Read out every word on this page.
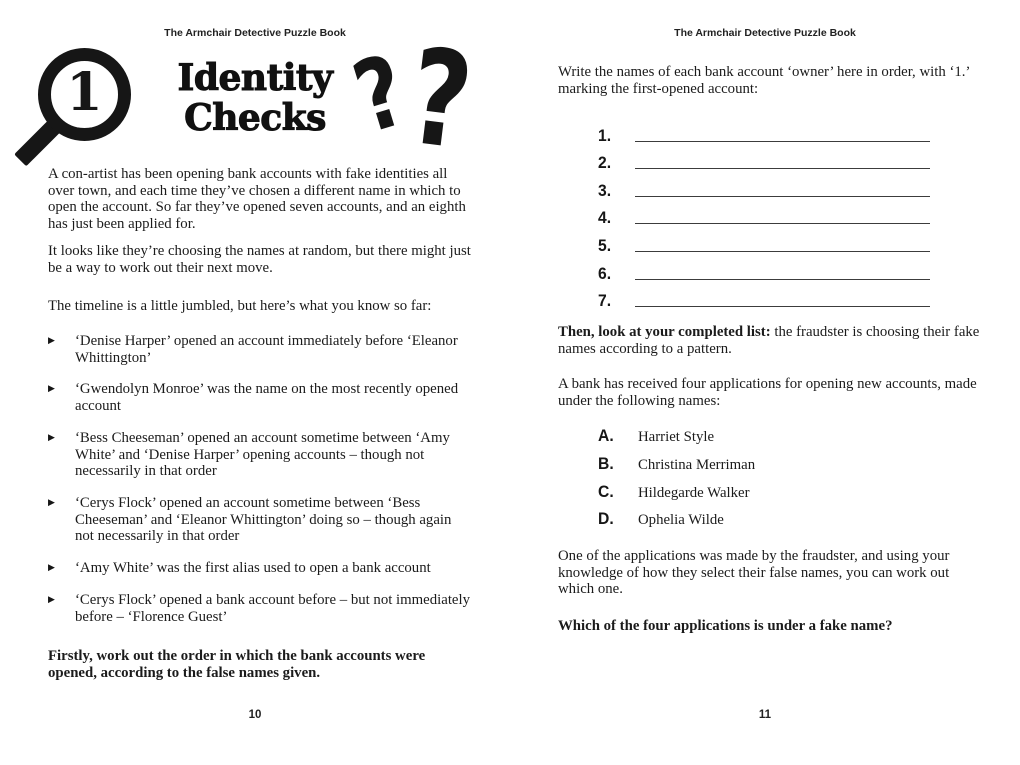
The Armchair Detective Puzzle Book
1	Identity
Checks ?
?
A con-artist has been opening bank accounts with fake identities all over town, and each time they’ve chosen a different name in which to open the account. So far they’ve opened seven accounts, and an eighth has just been applied for.
It looks like they’re choosing the names at random, but there might just be a way to work out their next move.
The timeline is a little jumbled, but here’s what you know so far:
▶	‘Denise Harper’ opened an account immediately before ‘Eleanor Whittington’
▶	‘Gwendolyn Monroe’ was the name on the most recently opened account
▶	‘Bess Cheeseman’ opened an account sometime between ‘Amy White’ and ‘Denise Harper’ opening accounts – though not necessarily in that order
▶	‘Cerys Flock’ opened an account sometime between ‘Bess Cheeseman’ and ‘Eleanor Whittington’ doing so – though again not necessarily in that order
▶	‘Amy White’ was the first alias used to open a bank account
▶	‘Cerys Flock’ opened a bank account before – but not immediately before – ‘Florence Guest’
Firstly, work out the order in which the bank accounts were opened, according to the false names given.
10
The Armchair Detective Puzzle Book
Write the names of each bank account ‘owner’ here in order, with ‘1.’ marking the first-opened account:
1.
2.
3.
4.
5.
6.
7.
Then, look at your completed list: the fraudster is choosing their fake names according to a pattern.
A bank has received four applications for opening new accounts, made under the following names:
A.	Harriet Style
B.	Christina Merriman
C.	Hildegarde Walker
D.	Ophelia Wilde
One of the applications was made by the fraudster, and using your knowledge of how they select their false names, you can work out which one.
Which of the four applications is under a fake name?
11
